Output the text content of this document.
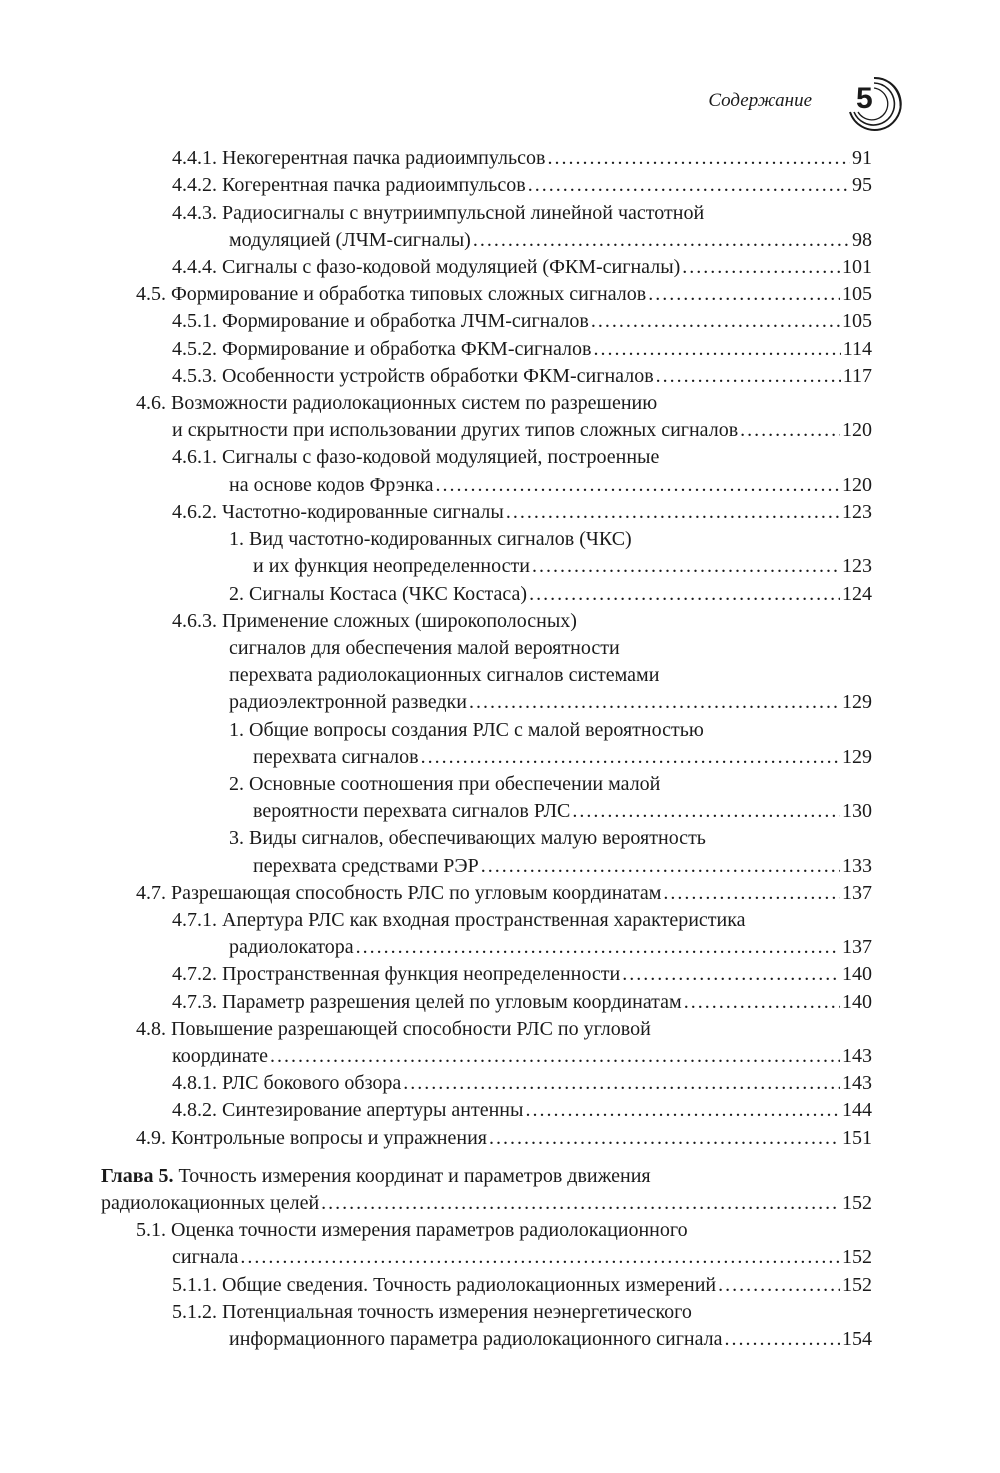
Содержание 5
4.4.1. Некогерентная пачка радиоимпульсов . . .	91
4.4.2. Когерентная пачка радиоимпульсов . . .	95
4.4.3. Радиосигналы с внутриимпульсной линейной частотной
модуляцией (ЛЧМ-сигналы) . . .	98
4.4.4. Сигналы с фазо-кодовой модуляцией (ФКМ-сигналы) . . .	101
4.5. Формирование и обработка типовых сложных сигналов . . .	105
4.5.1. Формирование и обработка ЛЧМ-сигналов . . .	105
4.5.2. Формирование и обработка ФКМ-сигналов . . .	114
4.5.3. Особенности устройств обработки ФКМ-сигналов . . .	117
4.6. Возможности радиолокационных систем по разрешению
и скрытности при использовании других типов сложных сигналов . . .	120
4.6.1. Сигналы с фазо-кодовой модуляцией, построенные
на основе кодов Фрэнка . . .	120
4.6.2. Частотно-кодированные сигналы . . .	123
1. Вид частотно-кодированных сигналов (ЧКС)
и их функция неопределенности . . .	123
2. Сигналы Костаса (ЧКС Костаса) . . .	124
4.6.3. Применение сложных (широкополосных)
сигналов для обеспечения малой вероятности
перехвата радиолокационных сигналов системами
радиоэлектронной разведки . . .	129
1. Общие вопросы создания РЛС с малой вероятностью
перехвата сигналов . . .	129
2. Основные соотношения при обеспечении малой
вероятности перехвата сигналов РЛС . . .	130
3. Виды сигналов, обеспечивающих малую вероятность
перехвата средствами РЭР . . .	133
4.7. Разрешающая способность РЛС по угловым координатам . . .	137
4.7.1. Апертура РЛС как входная пространственная характеристика
радиолокатора . . .	137
4.7.2. Пространственная функция неопределенности . . .	140
4.7.3. Параметр разрешения целей по угловым координатам . . .	140
4.8. Повышение разрешающей способности РЛС по угловой
координате . . .	143
4.8.1. РЛС бокового обзора . . .	143
4.8.2. Синтезирование апертуры антенны . . .	144
4.9. Контрольные вопросы и упражнения . . .	151
Глава 5. Точность измерения координат и параметров движения
радиолокационных целей . . .	152
5.1. Оценка точности измерения параметров радиолокационного
сигнала . . .	152
5.1.1. Общие сведения. Точность радиолокационных измерений . . .	152
5.1.2. Потенциальная точность измерения неэнергетического
информационного параметра радиолокационного сигнала . . .	154
